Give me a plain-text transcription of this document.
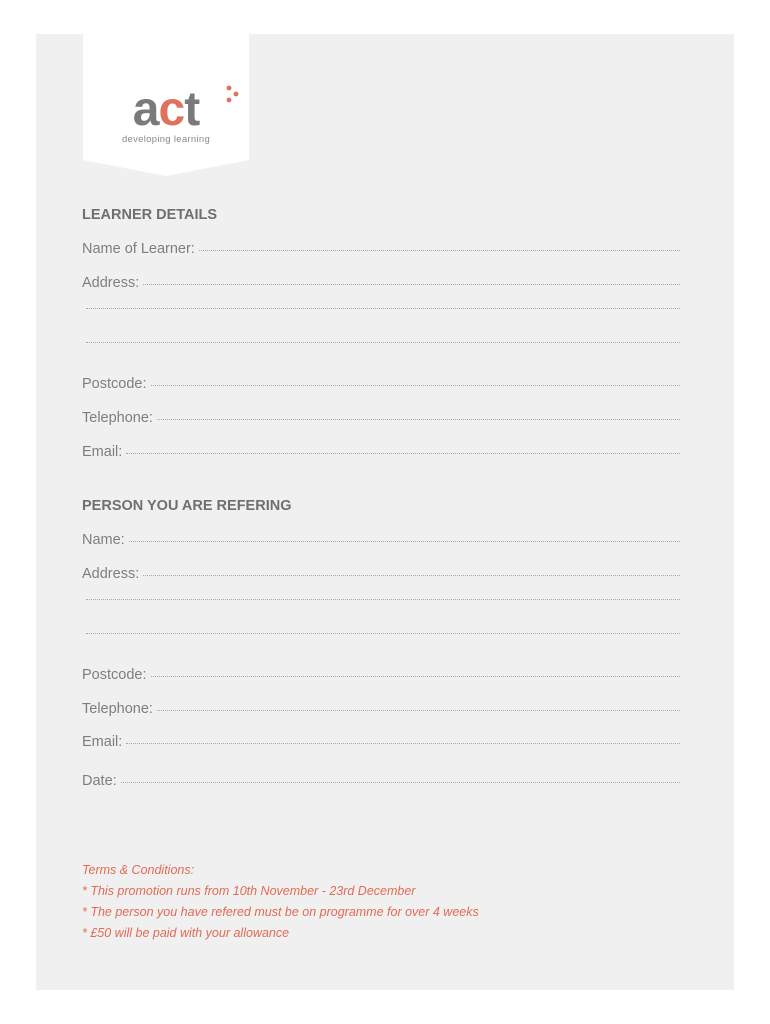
act
developing learning
LEARNER DETAILS
Name of Learner:
Address:
Postcode:
Telephone:
Email:
PERSON YOU ARE REFERING
Name:
Address:
Postcode:
Telephone:
Email:
Date:
Terms & Conditions:
* This promotion runs from 10th November - 23rd December
* The person you have refered must be on programme for over 4 weeks
* £50 will be paid with your allowance
